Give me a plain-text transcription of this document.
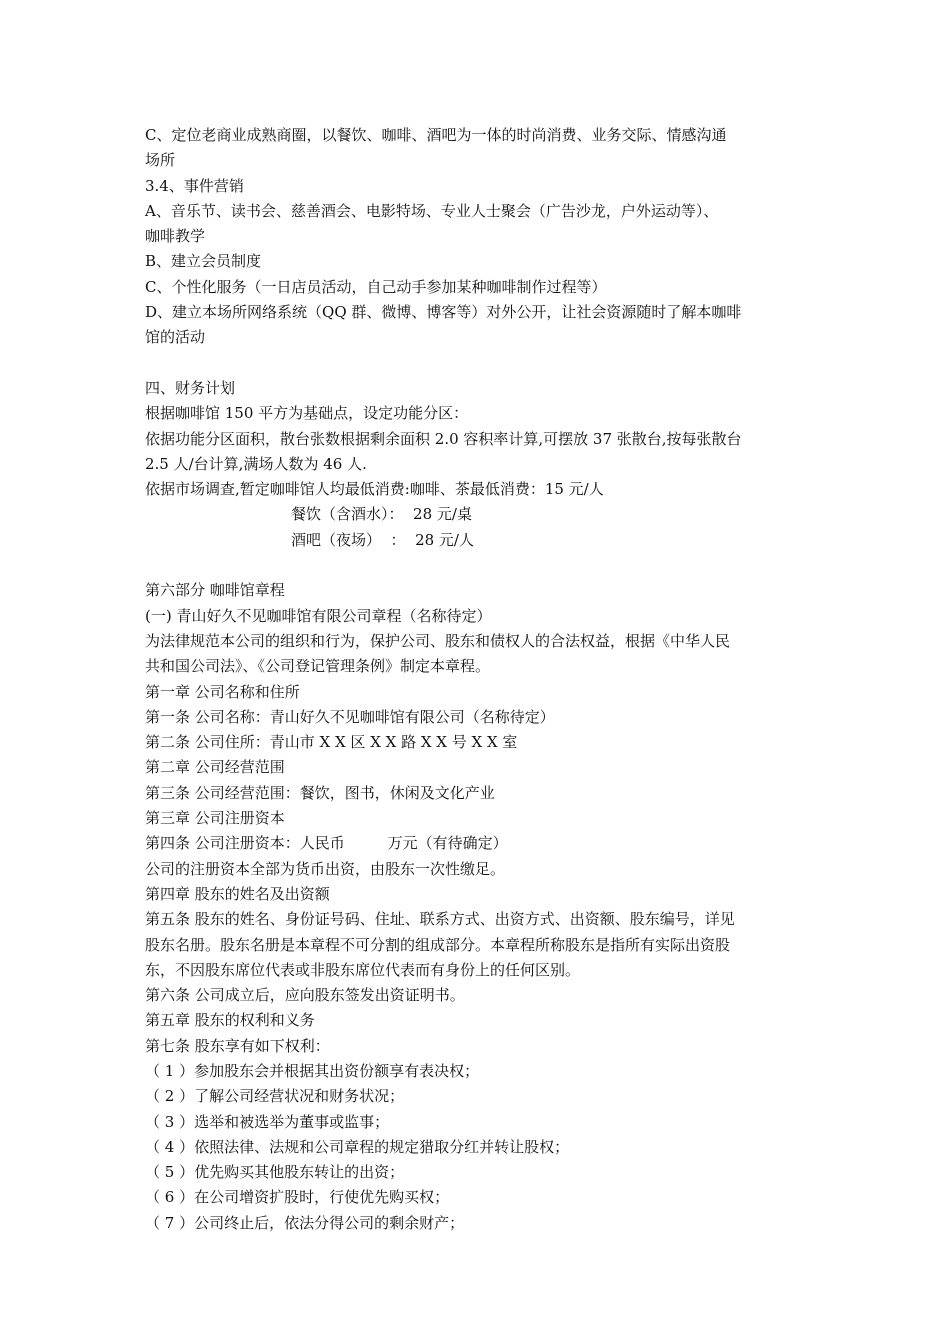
C、定位老商业成熟商圈，以餐饮、咖啡、酒吧为一体的时尚消费、业务交际、情感沟通
场所
3.4、事件营销
A、音乐节、读书会、慈善酒会、电影特场、专业人士聚会（广告沙龙，户外运动等）、
咖啡教学
B、建立会员制度
C、个性化服务（一日店员活动，自己动手参加某种咖啡制作过程等）
D、建立本场所网络系统（QQ 群、微博、博客等）对外公开，让社会资源随时了解本咖啡
馆的活动
四、财务计划
根据咖啡馆 150 平方为基础点，设定功能分区：
依据功能分区面积，散台张数根据剩余面积 2.0 容积率计算,可摆放 37 张散台,按每张散台
2.5 人/台计算,满场人数为 46 人.
依据市场调查,暂定咖啡馆人均最低消费:咖啡、茶最低消费：15 元/人
餐饮（含酒水）：  28 元/桌
酒吧（夜场）  ：  28 元/人
第六部分 咖啡馆章程
(一) 青山好久不见咖啡馆有限公司章程（名称待定）
为法律规范本公司的组织和行为，保护公司、股东和债权人的合法权益，根据《中华人民
共和国公司法》、《公司登记管理条例》制定本章程。
第一章 公司名称和住所
第一条 公司名称：青山好久不见咖啡馆有限公司（名称待定）
第二条 公司住所：青山市 X X 区 X X 路 X X 号 X X 室
第二章 公司经营范围
第三条 公司经营范围：餐饮，图书，休闲及文化产业
第三章 公司注册资本
第四条 公司注册资本：人民币         万元（有待确定）
公司的注册资本全部为货币出资，由股东一次性缴足。
第四章 股东的姓名及出资额
第五条 股东的姓名、身份证号码、住址、联系方式、出资方式、出资额、股东编号，详见
股东名册。股东名册是本章程不可分割的组成部分。本章程所称股东是指所有实际出资股
东，不因股东席位代表或非股东席位代表而有身份上的任何区别。
第六条 公司成立后，应向股东签发出资证明书。
第五章 股东的权利和义务
第七条 股东享有如下权利：
（ 1 ）参加股东会并根据其出资份额享有表决权；
（ 2 ）了解公司经营状况和财务状况；
（ 3 ）选举和被选举为董事或监事；
（ 4 ）依照法律、法规和公司章程的规定猎取分红并转让股权；
（ 5 ）优先购买其他股东转让的出资；
（ 6 ）在公司增资扩股时，行使优先购买权；
（ 7 ）公司终止后，依法分得公司的剩余财产；
